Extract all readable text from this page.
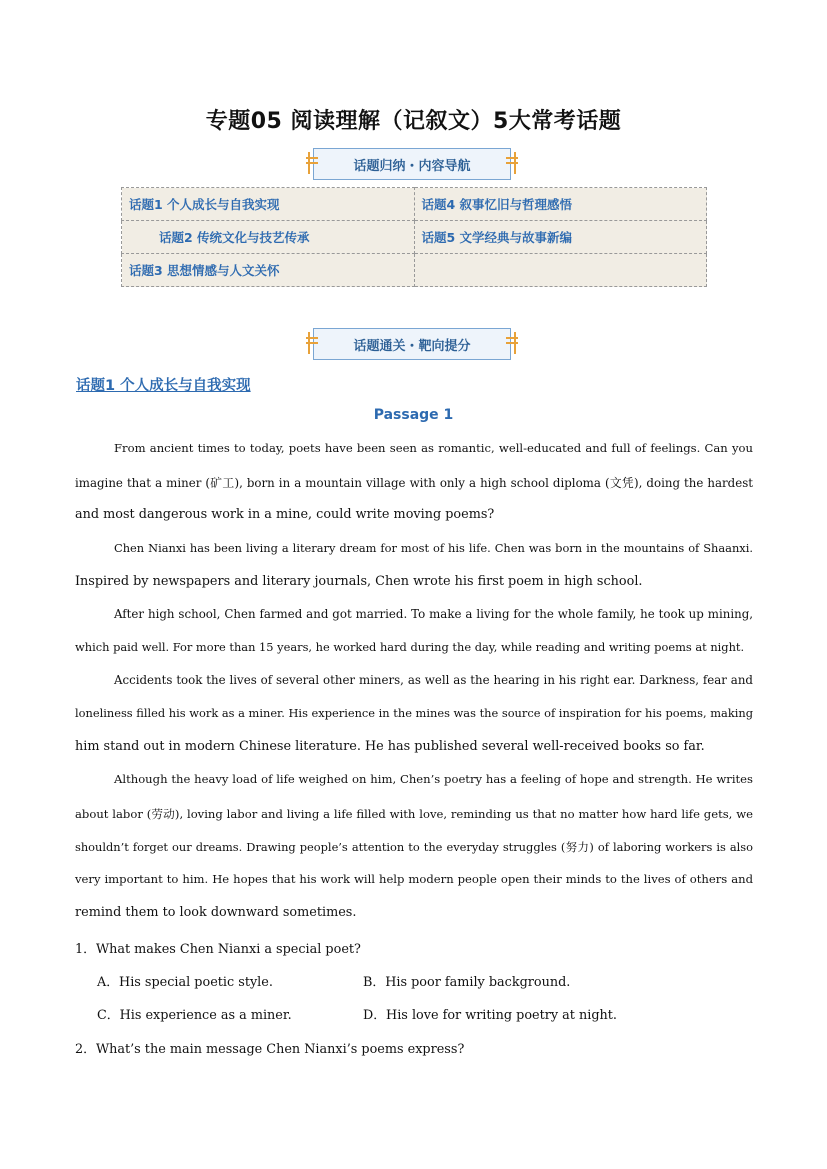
专题05 阅读理解（记叙文）5大常考话题
话题归纳・内容导航
话题1 个人成长与自我实现	话题4 叙事忆旧与哲理感悟
话题2 传统文化与技艺传承	话题5 文学经典与故事新编
话题3 思想情感与人文关怀	
话题通关・靶向提分
话题1 个人成长与自我实现
Passage 1
From ancient times to today, poets have been seen as romantic, well-educated and full of feelings. Can you
imagine that a miner (矿工), born in a mountain village with only a high school diploma (文凭), doing the hardest
and most dangerous work in a mine, could write moving poems?
Chen Nianxi has been living a literary dream for most of his life. Chen was born in the mountains of Shaanxi.
Inspired by newspapers and literary journals, Chen wrote his first poem in high school.
After high school, Chen farmed and got married. To make a living for the whole family, he took up mining,
which paid well. For more than 15 years, he worked hard during the day, while reading and writing poems at night.
Accidents took the lives of several other miners, as well as the hearing in his right ear. Darkness, fear and
loneliness filled his work as a miner. His experience in the mines was the source of inspiration for his poems, making
him stand out in modern Chinese literature. He has published several well-received books so far.
Although the heavy load of life weighed on him, Chen’s poetry has a feeling of hope and strength. He writes
about labor (劳动), loving labor and living a life filled with love, reminding us that no matter how hard life gets, we
shouldn’t forget our dreams. Drawing people’s attention to the everyday struggles (努力) of laboring workers is also
very important to him. He hopes that his work will help modern people open their minds to the lives of others and
remind them to look downward sometimes.
1．What makes Chen Nianxi a special poet?
A．His special poetic style.	B．His poor family background.
C．His experience as a miner.	D．His love for writing poetry at night.
2．What’s the main message Chen Nianxi’s poems express?
